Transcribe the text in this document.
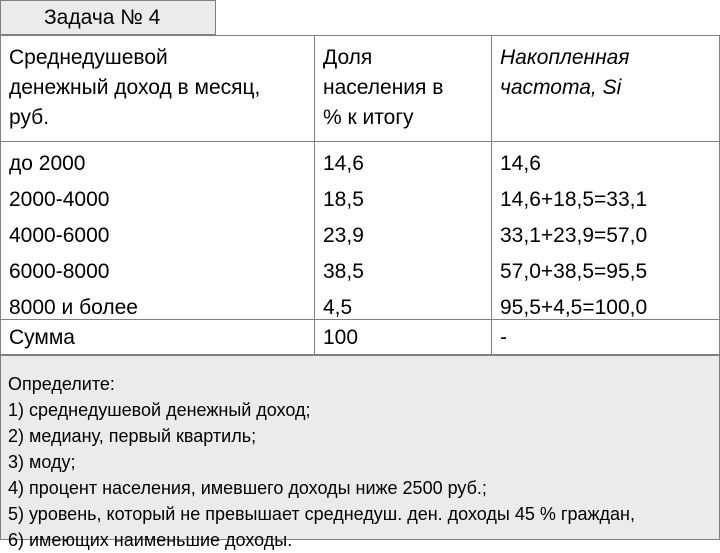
Задача № 4
Среднедушевой
денежный доход в месяц,
руб.
Доля
населения в
% к итогу
Накопленная
частота, Si
до 2000
2000-4000
4000-6000
6000-8000
8000 и более
14,6
18,5
23,9
38,5
4,5
14,6
14,6+18,5=33,1
33,1+23,9=57,0
57,0+38,5=95,5
95,5+4,5=100,0
Сумма	100	-
Определите:
1) среднедушевой денежный доход;
2) медиану, первый квартиль;
3) моду;
4) процент населения, имевшего доходы ниже 2500 руб.;
5) уровень, который не превышает среднедуш. ден. доходы 45 % граждан,
6) имеющих наименьшие доходы.
